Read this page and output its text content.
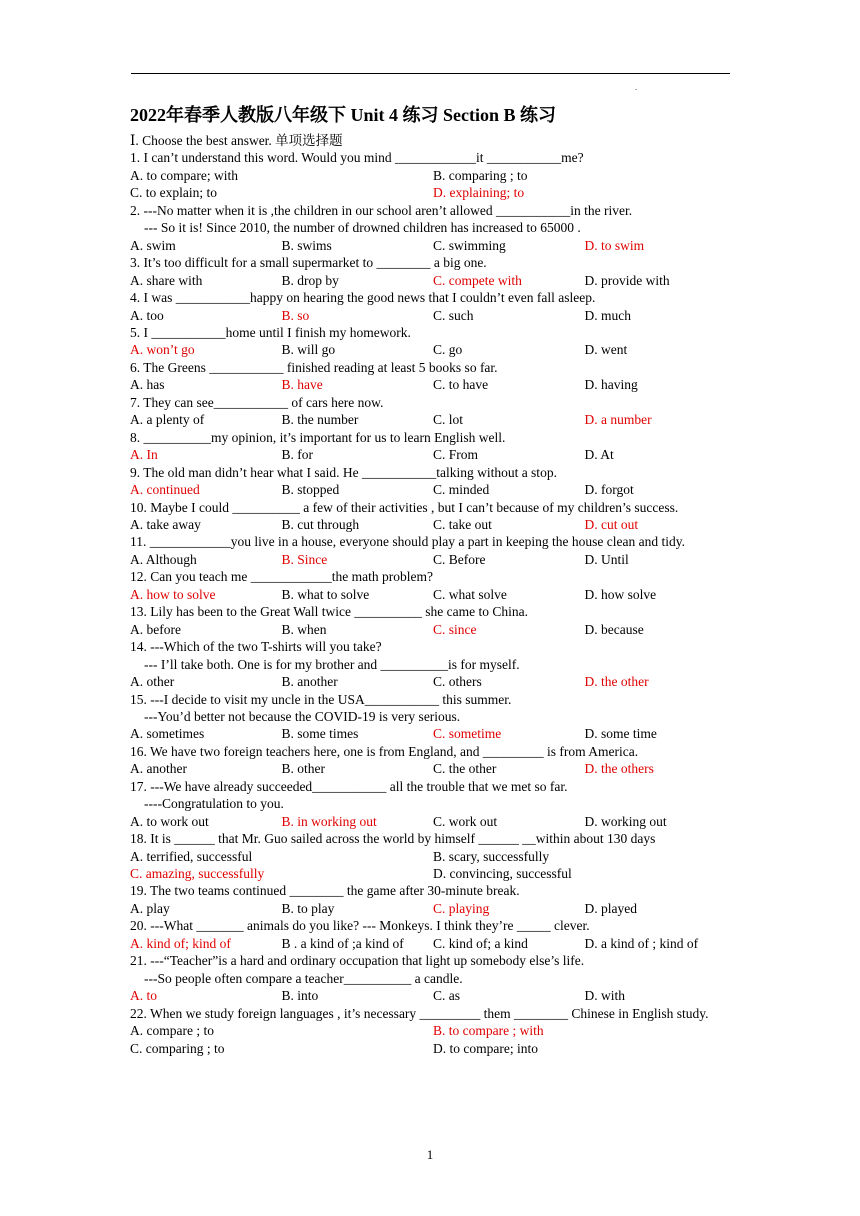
.
2022年春季人教版八年级下 Unit 4 练习 Section B 练习
Ⅰ. Choose the best answer. 单项选择题
1. I can’t understand this word. Would you mind ____________it ___________me?
A. to compare; with	B. comparing ; to
C. to explain; to	D. explaining; to
2. ---No matter when it is ,the children in our school aren’t allowed ___________in the river.
--- So it is! Since 2010, the number of drowned children has increased to 65000 .
A. swim	B. swims	C. swimming	D. to swim
3. It’s too difficult for a small supermarket to ________ a big one.
A. share with	B. drop by	C. compete with	D. provide with
4. I was ___________happy on hearing the good news that I couldn’t even fall asleep.
A. too	B. so	C. such	D. much
5. I ___________home until I finish my homework.
A. won’t go	B. will go	C. go	D. went
6. The Greens ___________ finished reading at least 5 books so far.
A. has	B. have	C. to have	D. having
7. They can see___________ of cars here now.
A. a plenty of	B. the number	C. lot	D. a number
8. __________my opinion, it’s important for us to learn English well.
A. In	B. for	C. From	D. At
9. The old man didn’t hear what I said. He ___________talking without a stop.
A. continued	B. stopped	C. minded	D. forgot
10. Maybe I could __________ a few of their activities , but I can’t because of my children’s success.
A. take away	B. cut through	C. take out	D. cut out
11. ____________you live in a house, everyone should play a part in keeping the house clean and tidy.
A. Although	B. Since	C. Before	D. Until
12. Can you teach me ____________the math problem?
A. how to solve	B. what to solve	C. what solve	D. how solve
13. Lily has been to the Great Wall twice __________ she came to China.
A. before	B. when	C. since	D. because
14. ---Which of the two T-shirts will you take?
--- I’ll take both. One is for my brother and __________is for myself.
A. other	B. another	C. others	D. the other
15. ---I decide to visit my uncle in the USA___________ this summer.
---You’d better not because the COVID-19 is very serious.
A. sometimes	B. some times	C. sometime	D. some time
16. We have two foreign teachers here, one is from England, and _________ is from America.
A. another	B. other	C. the other	D. the others
17. ---We have already succeeded___________ all the trouble that we met so far.
----Congratulation to you.
A. to work out	B. in working out	C. work out	D. working out
18. It is ______ that Mr. Guo sailed across the world by himself ______ __within about 130 days
A. terrified, successful	B. scary, successfully
C. amazing, successfully	D. convincing, successful
19. The two teams continued ________ the game after 30-minute break.
A. play	B. to play	C. playing	D. played
20. ---What _______ animals do you like? --- Monkeys. I think they’re _____ clever.
A. kind of; kind of	B . a kind of ;a kind of	C. kind of; a kind	D. a kind of ; kind of
21. ---“Teacher”is a hard and ordinary occupation that light up somebody else’s life.
---So people often compare a teacher__________ a candle.
A. to	B. into	C. as	D. with
22. When we study foreign languages , it’s necessary _________ them ________ Chinese in English study.
A. compare ; to	B. to compare ; with
C. comparing ; to	D. to compare; into
1
